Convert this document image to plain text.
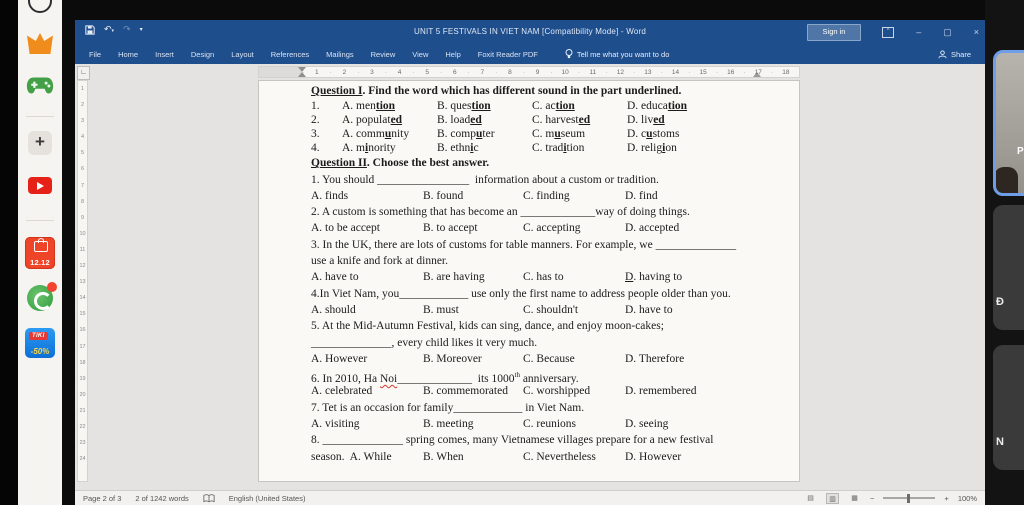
+
12.12
TIKI
-50%
↶▾ ↷ ▾	UNIT 5 FESTIVALS IN VIET NAM [Compatibility Mode] - Word	Sign in	^	– ▢ ×
File Home Insert Design Layout References Mailings Review View Help Foxit Reader PDF	Tell me what you want to do	Share
∟	· 1	· 2	· 3	· 4	· 5	· 6	· 7	· 8	· 9	· 10	· 11	· 12	· 13	· 14	· 15	· 16	· 17	· 18
1
2
3
4
5
6
7
8
9
10
11
12
13
14
15
16
17
18
19
20
21
22
23
24
Question I. Find the word which has different sound in the part underlined.
1.	A. mention	B. question	C. action	D. education
2.	A. populated	B. loaded	C. harvested	D. lived
3.	A. community	B. computer	C. museum	D. customs
4.	A. minority	B. ethnic	C. tradition	D. religion
Question II. Choose the best answer.
1. You should ________________  information about a custom or tradition.
A. finds	B. found	C. finding	D. find
2. A custom is something that has become an _____________way of doing things.
A. to be accept	B. to accept	C. accepting	D. accepted
3. In the UK, there are lots of customs for table manners. For example, we ______________
use a knife and fork at dinner.
A. have to	B. are having	C. has to	D. having to
4.In Viet Nam, you____________ use only the first name to address people older than you.
A. should	B. must	C. shouldn't	D. have to
5. At the Mid-Autumn Festival, kids can sing, dance, and enjoy moon-cakes;
______________, every child likes it very much.
A. However	B. Moreover	C. Because	D. Therefore
6. In 2010, Ha Noi_____________  its 1000th anniversary.
A. celebrated	B. commemorated	C. worshipped	D. remembered
7. Tet is an occasion for family____________ in Viet Nam.
A. visiting	B. meeting	C. reunions	D. seeing
8. ______________ spring comes, many Vietnamese villages prepare for a new festival
season.  A. While	B. When	C. Nevertheless	D. However
Page 2 of 3 2 of 1242 words	English (United States)	▤	▥	▦	−	+ 100%
P
Đ
N
